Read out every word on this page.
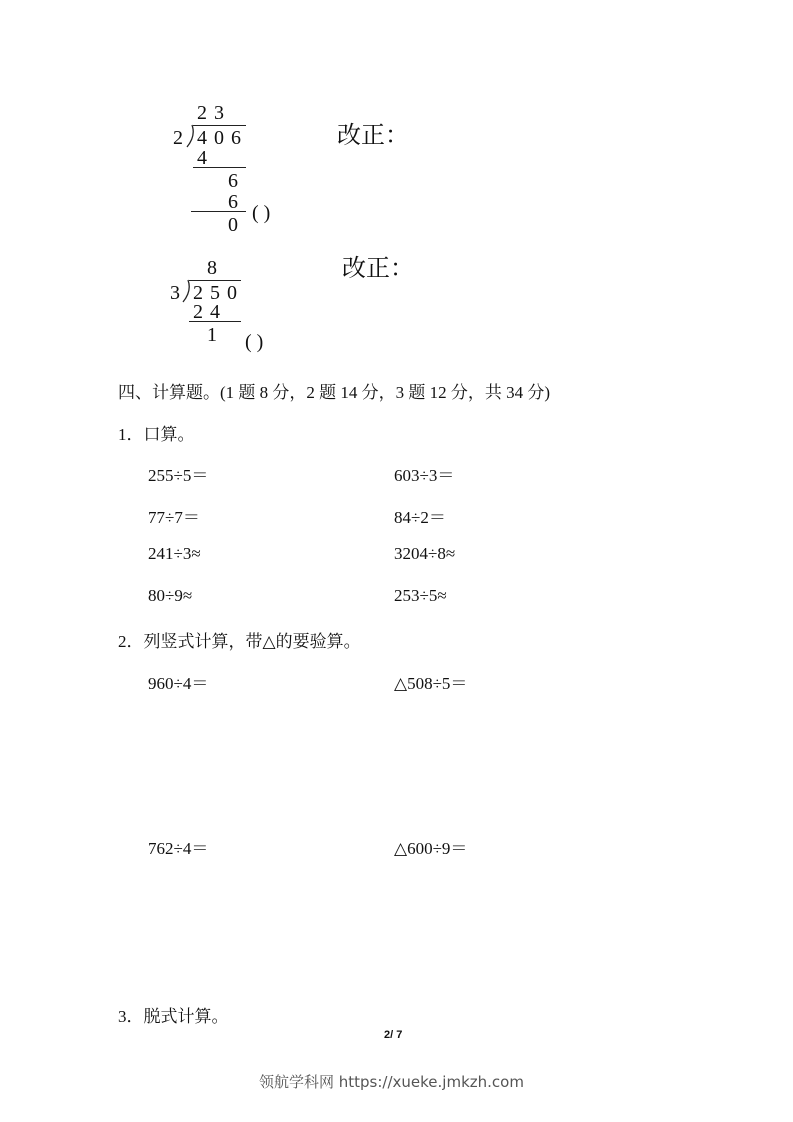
2 3
2 4 0 6
4
6
6
0
( )
改正：
8
3 2 5 0
2 4
1 ( )
改正：
四、计算题。(1 题 8 分，2 题 14 分，3 题 12 分，共 34 分)
1．口算。
255÷5＝	603÷3＝
77÷7＝	84÷2＝
241÷3≈	3204÷8≈
80÷9≈	253÷5≈
2．列竖式计算，带△的要验算。
960÷4＝	△508÷5＝
762÷4＝	△600÷9＝
3．脱式计算。
2/ 7
领航学科网 https://xueke.jmkzh.com
